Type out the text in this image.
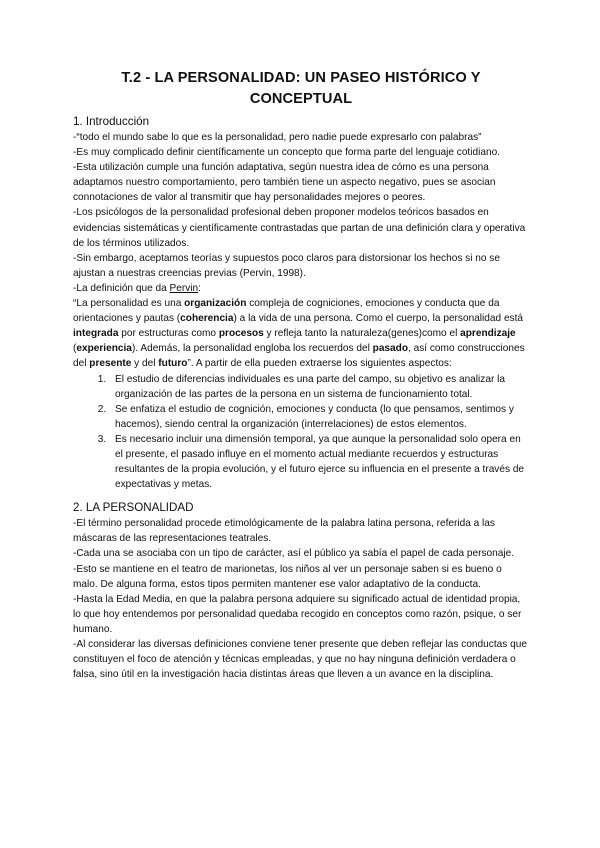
T.2 - LA PERSONALIDAD: UN PASEO HISTÓRICO Y CONCEPTUAL
1. Introducción

-“todo el mundo sabe lo que es la personalidad, pero nadie puede expresarlo con palabras”

-Es muy complicado definir científicamente un concepto que forma parte del lenguaje cotidiano.

-Esta utilización cumple una función adaptativa, según nuestra idea de cómo es una persona adaptamos nuestro comportamiento, pero también tiene un aspecto negativo, pues se asocian connotaciones de valor al transmitir que hay personalidades mejores o peores.

-Los psicólogos de la personalidad profesional deben proponer modelos teóricos basados en evidencias sistemáticas y científicamente contrastadas que partan de una definición clara y operativa de los términos utilizados.

-Sin embargo, aceptamos teorías y supuestos poco claros para distorsionar los hechos si no se ajustan a nuestras creencias previas (Pervin, 1998).

-La definición que da Pervin:

“La personalidad es una organización compleja de cogniciones, emociones y conducta que da orientaciones y pautas (coherencia) a la vida de una persona. Como el cuerpo, la personalidad está integrada por estructuras como procesos y refleja tanto la naturaleza(genes)como el aprendizaje (experiencia). Además, la personalidad engloba los recuerdos del pasado, así como construcciones del presente y del futuro”. A partir de ella pueden extraerse los siguientes aspectos:

1. El estudio de diferencias individuales es una parte del campo, su objetivo es analizar la organización de las partes de la persona en un sistema de funcionamiento total.
2. Se enfatiza el estudio de cognición, emociones y conducta (lo que pensamos, sentimos y hacemos), siendo central la organización (interrelaciones) de estos elementos.
3. Es necesario incluir una dimensión temporal, ya que aunque la personalidad solo opera en el presente, el pasado influye en el momento actual mediante recuerdos y estructuras resultantes de la propia evolución, y el futuro ejerce su influencia en el presente a través de expectativas y metas.
2. LA PERSONALIDAD

-El término personalidad procede etimológicamente de la palabra latina persona, referida a las máscaras de las representaciones teatrales.

-Cada una se asociaba con un tipo de carácter, así el público ya sabía el papel de cada personaje.

-Esto se mantiene en el teatro de marionetas, los niños al ver un personaje saben si es bueno o malo. De alguna forma, estos tipos permiten mantener ese valor adaptativo de la conducta.

-Hasta la Edad Media, en que la palabra persona adquiere su significado actual de identidad propia, lo que hoy entendemos por personalidad quedaba recogido en conceptos como razón, psique, o ser humano.

-Al considerar las diversas definiciones conviene tener presente que deben reflejar las conductas que constituyen el foco de atención y técnicas empleadas, y que no hay ninguna definición verdadera o falsa, sino útil en la investigación hacia distintas áreas que lleven a un avance en la disciplina.
